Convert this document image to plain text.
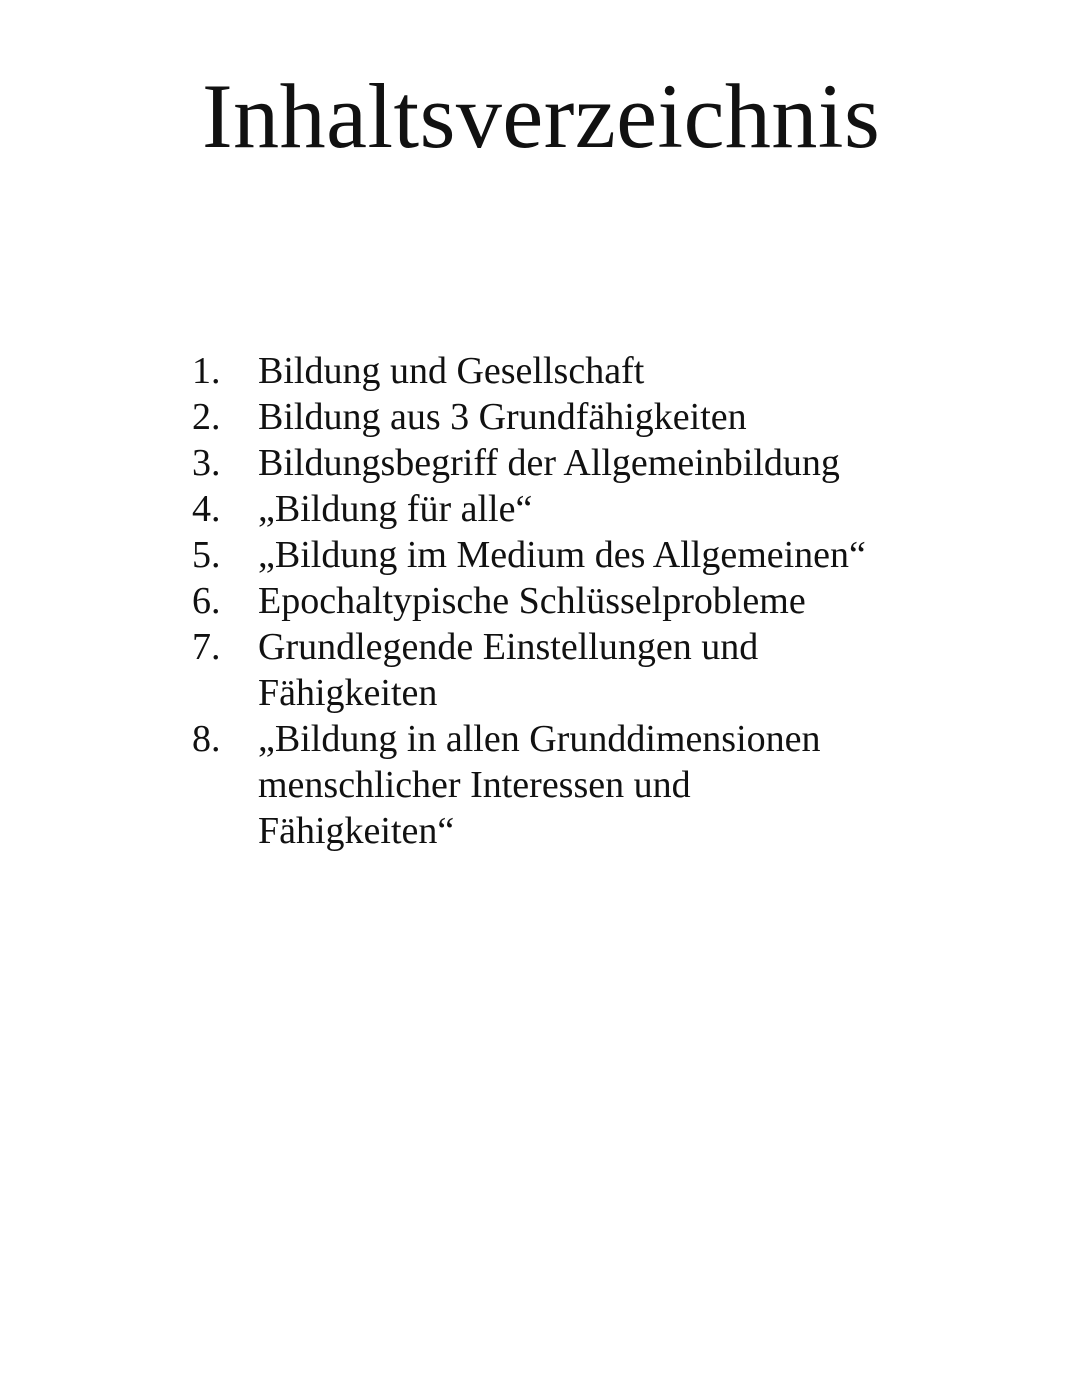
Inhaltsverzeichnis
1. Bildung und Gesellschaft
2. Bildung aus 3 Grundfähigkeiten
3. Bildungsbegriff der Allgemeinbildung
4. „Bildung für alle“
5. „Bildung im Medium des Allgemeinen“
6. Epochaltypische Schlüsselprobleme
7. Grundlegende Einstellungen und Fähigkeiten
8. „Bildung in allen Grunddimensionen menschlicher Interessen und Fähigkeiten“
